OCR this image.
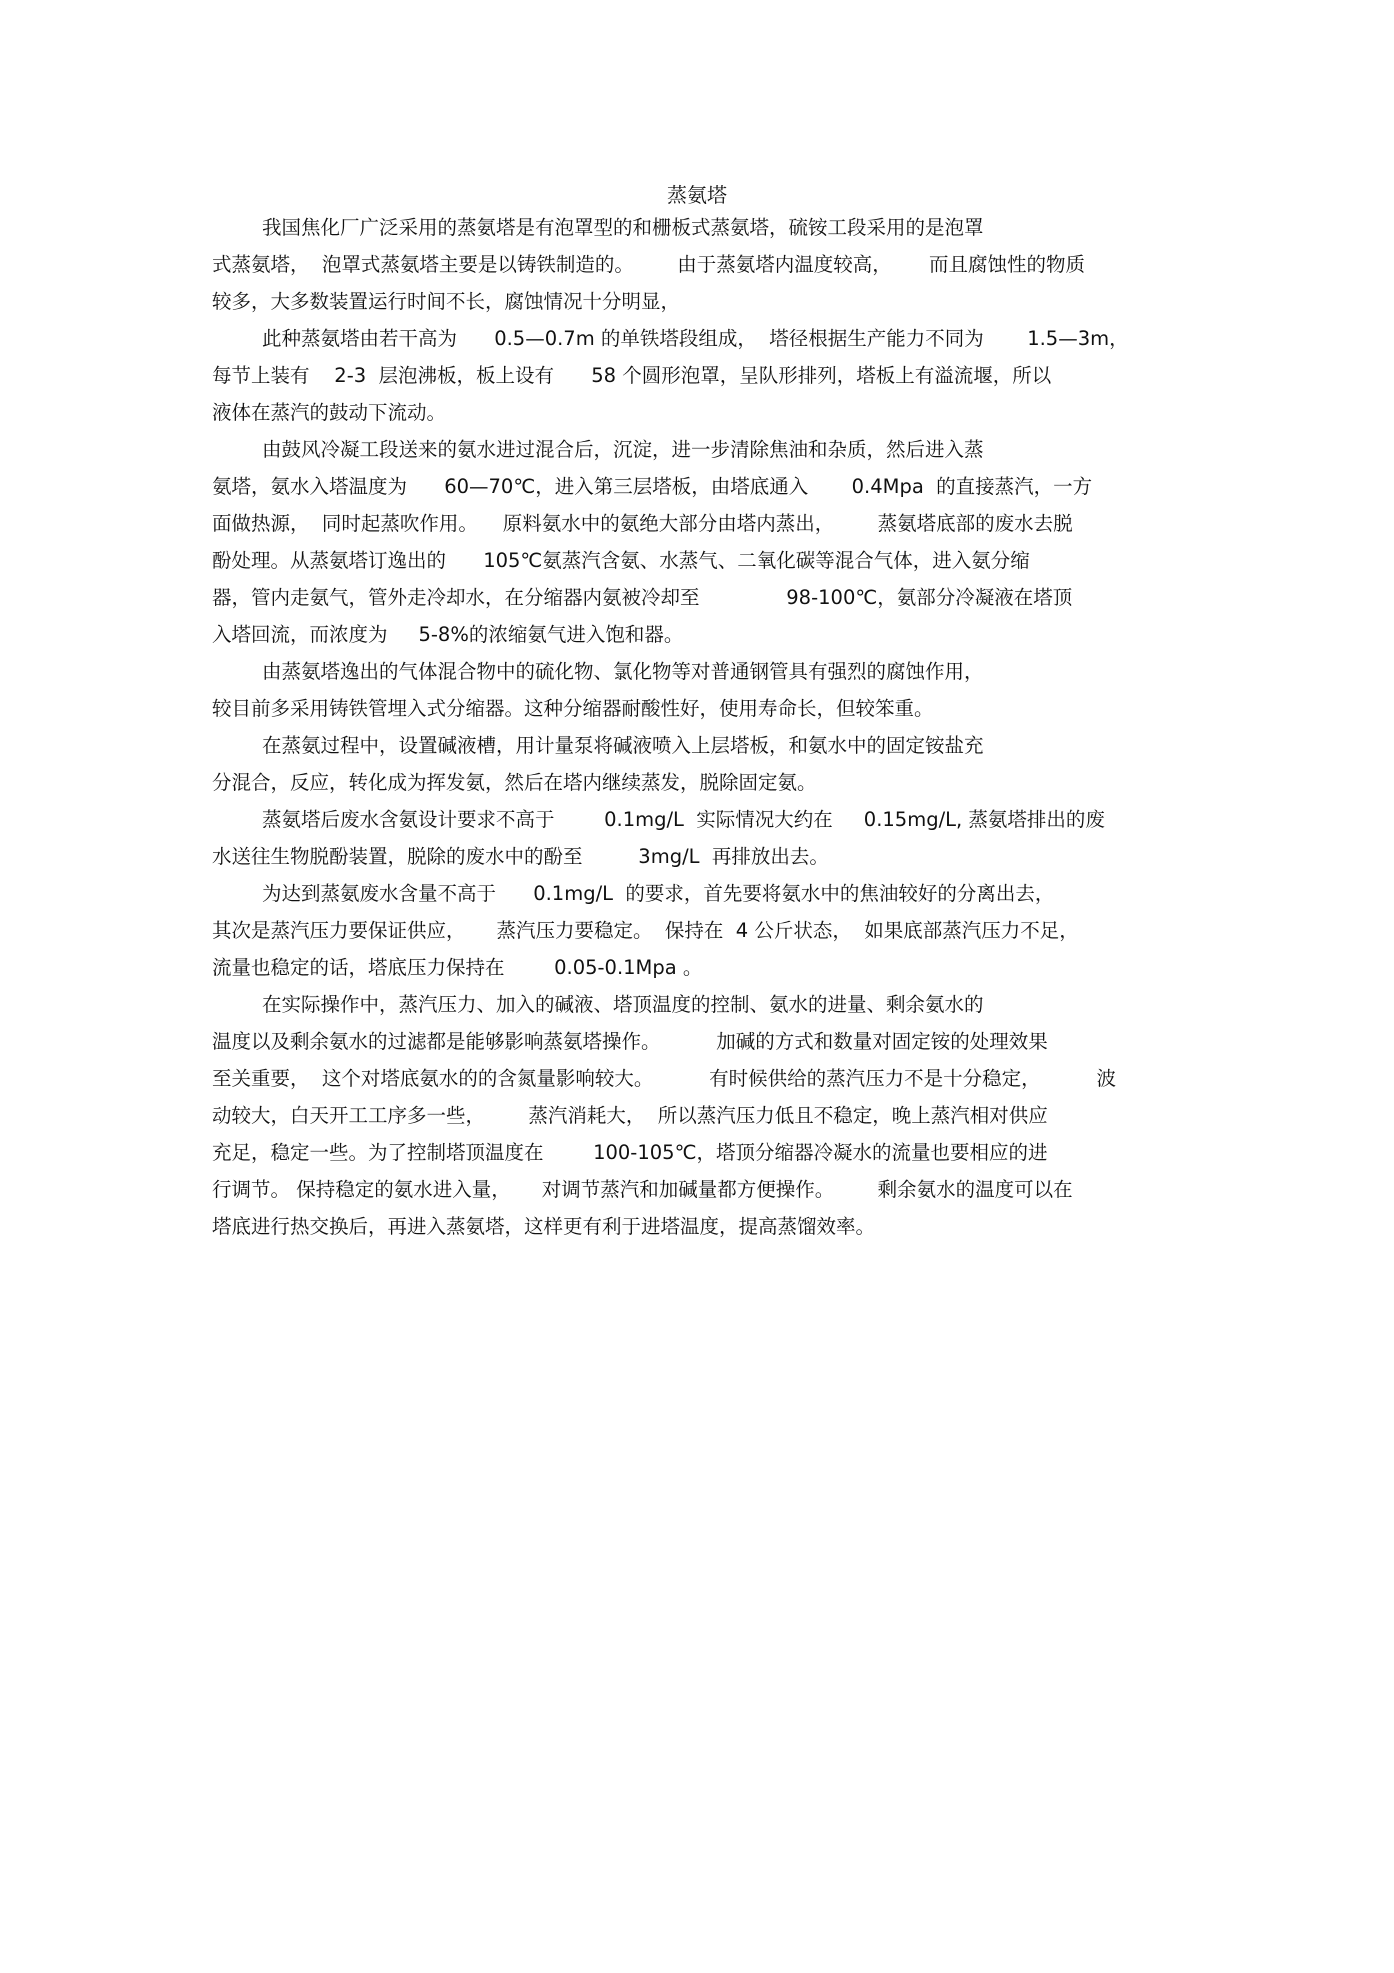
蒸氨塔
我国焦化厂广泛采用的蒸氨塔是有泡罩型的和栅板式蒸氨塔，硫铵工段采用的是泡罩
式蒸氨塔，  泡罩式蒸氨塔主要是以铸铁制造的。       由于蒸氨塔内温度较高，      而且腐蚀性的物质
较多，大多数装置运行时间不长，腐蚀情况十分明显，
此种蒸氨塔由若干高为      0.5—0.7m 的单铁塔段组成，  塔径根据生产能力不同为       1.5—3m，
每节上装有    2-3  层泡沸板，板上设有      58 个圆形泡罩，呈队形排列，塔板上有溢流堰，所以
液体在蒸汽的鼓动下流动。
由鼓风冷凝工段送来的氨水进过混合后，沉淀，进一步清除焦油和杂质，然后进入蒸
氨塔，氨水入塔温度为      60—70℃，进入第三层塔板，由塔底通入       0.4Mpa  的直接蒸汽，一方
面做热源，  同时起蒸吹作用。    原料氨水中的氨绝大部分由塔内蒸出，       蒸氨塔底部的废水去脱
酚处理。从蒸氨塔订逸出的      105℃氨蒸汽含氨、水蒸气、二氧化碳等混合气体，进入氨分缩
器，管内走氨气，管外走冷却水，在分缩器内氨被冷却至              98-100℃，氨部分冷凝液在塔顶
入塔回流，而浓度为     5-8%的浓缩氨气进入饱和器。
由蒸氨塔逸出的气体混合物中的硫化物、氯化物等对普通钢管具有强烈的腐蚀作用，
较目前多采用铸铁管埋入式分缩器。这种分缩器耐酸性好，使用寿命长，但较笨重。
在蒸氨过程中，设置碱液槽，用计量泵将碱液喷入上层塔板，和氨水中的固定铵盐充
分混合，反应，转化成为挥发氨，然后在塔内继续蒸发，脱除固定氨。
蒸氨塔后废水含氨设计要求不高于        0.1mg/L  实际情况大约在     0.15mg/L, 蒸氨塔排出的废
水送往生物脱酚装置，脱除的废水中的酚至         3mg/L  再排放出去。
为达到蒸氨废水含量不高于      0.1mg/L  的要求，首先要将氨水中的焦油较好的分离出去，
其次是蒸汽压力要保证供应，     蒸汽压力要稳定。  保持在  4 公斤状态，  如果底部蒸汽压力不足，
流量也稳定的话，塔底压力保持在        0.05-0.1Mpa 。
在实际操作中，蒸汽压力、加入的碱液、塔顶温度的控制、氨水的进量、剩余氨水的
温度以及剩余氨水的过滤都是能够影响蒸氨塔操作。         加碱的方式和数量对固定铵的处理效果
至关重要，  这个对塔底氨水的的含氮量影响较大。         有时候供给的蒸汽压力不是十分稳定，         波
动较大，白天开工工序多一些，       蒸汽消耗大，  所以蒸汽压力低且不稳定，晚上蒸汽相对供应
充足，稳定一些。为了控制塔顶温度在        100-105℃，塔顶分缩器冷凝水的流量也要相应的进
行调节。 保持稳定的氨水进入量，     对调节蒸汽和加碱量都方便操作。       剩余氨水的温度可以在
塔底进行热交换后，再进入蒸氨塔，这样更有利于进塔温度，提高蒸馏效率。
